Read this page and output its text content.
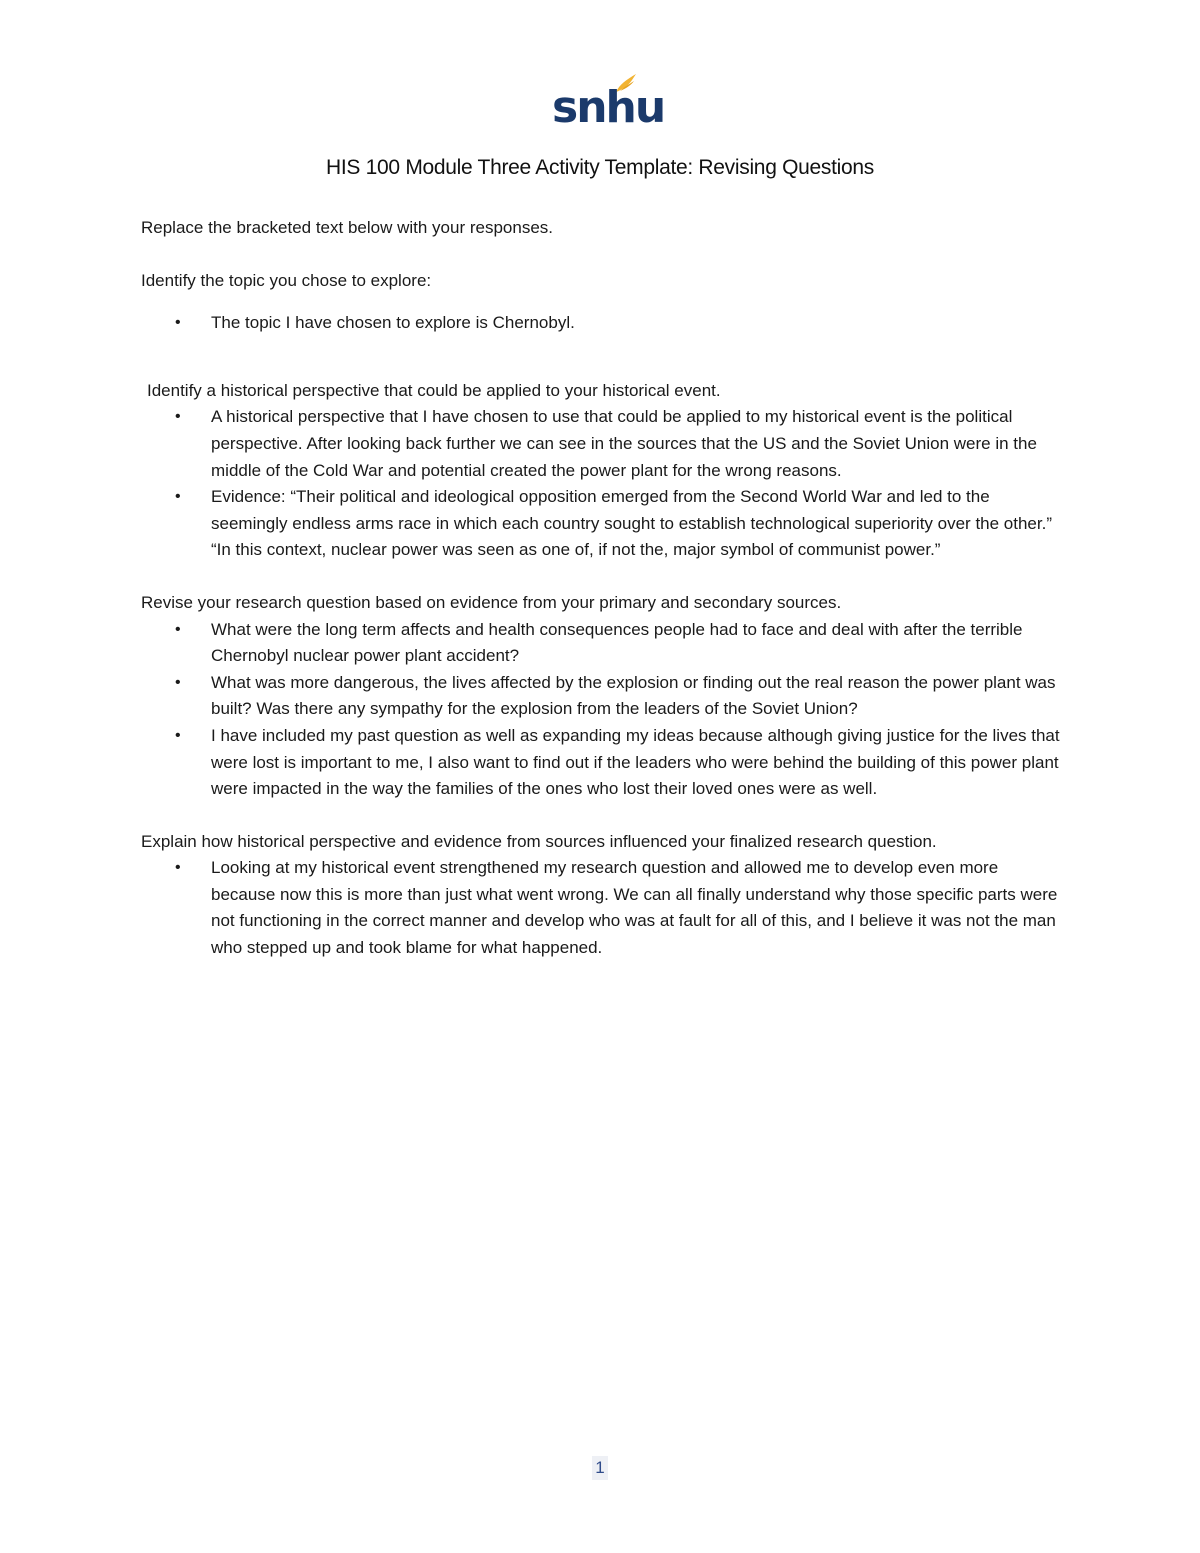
snhu
HIS 100 Module Three Activity Template: Revising Questions

Replace the bracketed text below with your responses.

Identify the topic you chose to explore:

• The topic I have chosen to explore is Chernobyl.

Identify a historical perspective that could be applied to your historical event.

• A historical perspective that I have chosen to use that could be applied to my historical event is the political perspective. After looking back further we can see in the sources that the US and the Soviet Union were in the middle of the Cold War and potential created the power plant for the wrong reasons.
• Evidence: “Their political and ideological opposition emerged from the Second World War and led to the seemingly endless arms race in which each country sought to establish technological superiority over the other.” “In this context, nuclear power was seen as one of, if not the, major symbol of communist power.”

Revise your research question based on evidence from your primary and secondary sources.

• What were the long term affects and health consequences people had to face and deal with after the terrible Chernobyl nuclear power plant accident?
• What was more dangerous, the lives affected by the explosion or finding out the real reason the power plant was built? Was there any sympathy for the explosion from the leaders of the Soviet Union?
• I have included my past question as well as expanding my ideas because although giving justice for the lives that were lost is important to me, I also want to find out if the leaders who were behind the building of this power plant were impacted in the way the families of the ones who lost their loved ones were as well.

Explain how historical perspective and evidence from sources influenced your finalized research question.

• Looking at my historical event strengthened my research question and allowed me to develop even more because now this is more than just what went wrong. We can all finally understand why those specific parts were not functioning in the correct manner and develop who was at fault for all of this, and I believe it was not the man who stepped up and took blame for what happened.
1
